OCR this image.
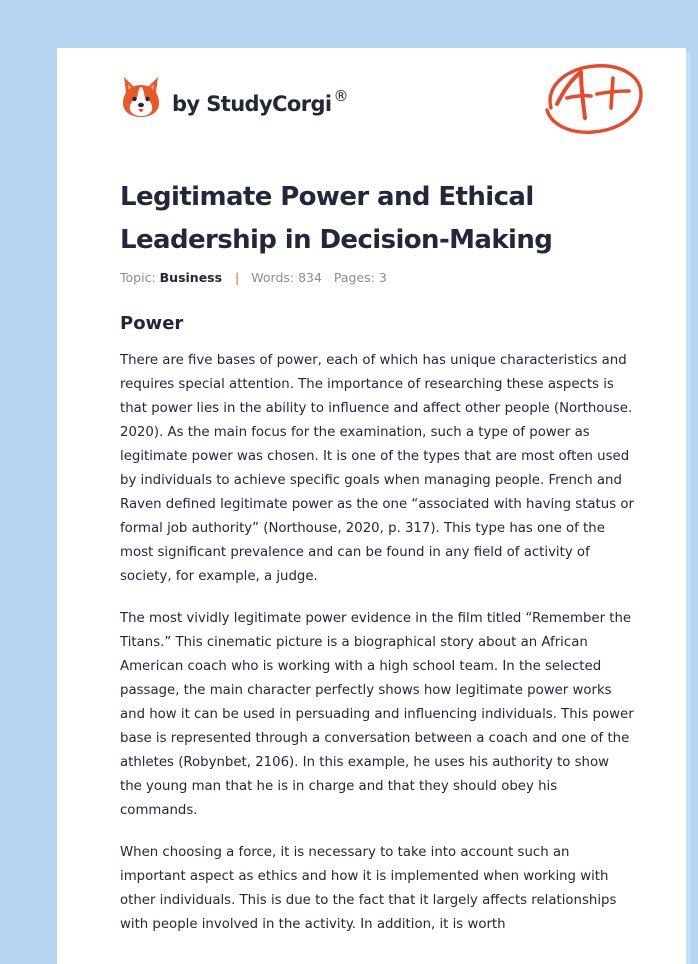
by StudyCorgi ®
Legitimate Power and Ethical Leadership in Decision-Making
Topic: Business | Words: 834 Pages: 3
Power

There are five bases of power, each of which has unique characteristics and requires special attention. The importance of researching these aspects is that power lies in the ability to influence and affect other people (Northouse. 2020). As the main focus for the examination, such a type of power as legitimate power was chosen. It is one of the types that are most often used by individuals to achieve specific goals when managing people. French and Raven defined legitimate power as the one “associated with having status or formal job authority” (Northouse, 2020, p. 317). This type has one of the most significant prevalence and can be found in any field of activity of society, for example, a judge.

The most vividly legitimate power evidence in the film titled “Remember the Titans.” This cinematic picture is a biographical story about an African American coach who is working with a high school team. In the selected passage, the main character perfectly shows how legitimate power works and how it can be used in persuading and influencing individuals. This power base is represented through a conversation between a coach and one of the athletes (Robynbet, 2106). In this example, he uses his authority to show the young man that he is in charge and that they should obey his commands.

When choosing a force, it is necessary to take into account such an important aspect as ethics and how it is implemented when working with other individuals. This is due to the fact that it largely affects relationships with people involved in the activity. In addition, it is worth
